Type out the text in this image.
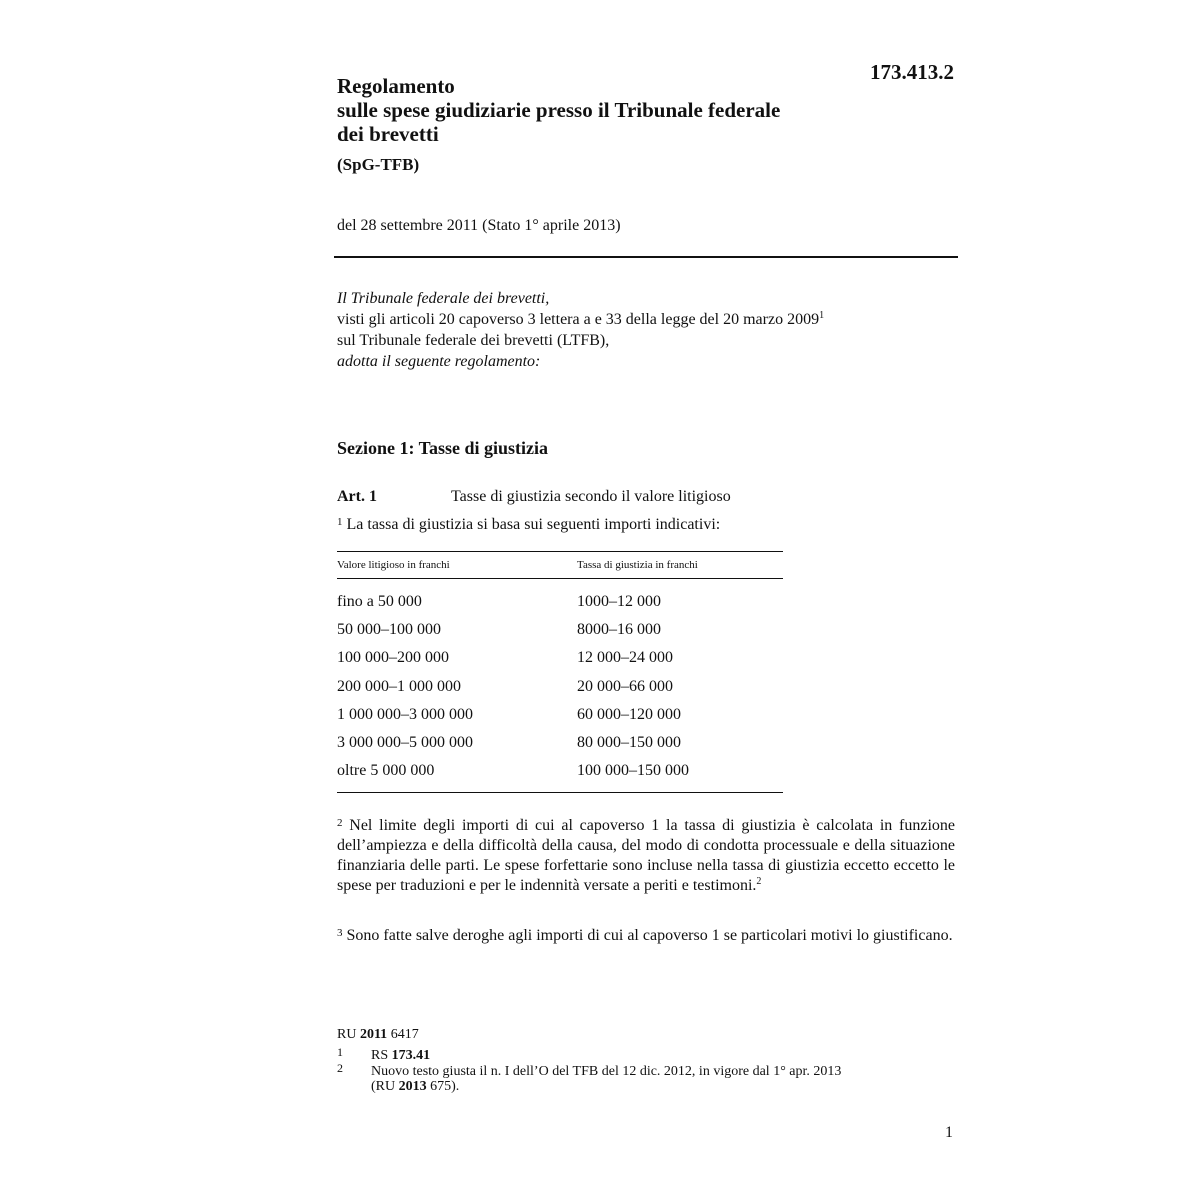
173.413.2
Regolamento
sulle spese giudiziarie presso il Tribunale federale
dei brevetti
(SpG-TFB)
del 28 settembre 2011 (Stato 1° aprile 2013)
Il Tribunale federale dei brevetti,
visti gli articoli 20 capoverso 3 lettera a e 33 della legge del 20 marzo 2009$^1$
sul Tribunale federale dei brevetti (LTFB),
adotta il seguente regolamento:
Sezione 1: Tasse di giustizia
Art. 1	Tasse di giustizia secondo il valore litigioso
$^1$ La tassa di giustizia si basa sui seguenti importi indicativi:
Valore litigioso in franchi	Tassa di giustizia in franchi
fino a 50 000	1000–12 000
50 000–100 000	8000–16 000
100 000–200 000	12 000–24 000
200 000–1 000 000	20 000–66 000
1 000 000–3 000 000	60 000–120 000
3 000 000–5 000 000	80 000–150 000
oltre 5 000 000	100 000–150 000
$^2$ Nel limite degli importi di cui al capoverso 1 la tassa di giustizia è calcolata in funzione dell’ampiezza e della difficoltà della causa, del modo di condotta processuale e della situazione finanziaria delle parti. Le spese forfettarie sono incluse nella tassa di giustizia eccetto eccetto le spese per traduzioni e per le indennità versate a periti e testimoni.$^2$
$^3$ Sono fatte salve deroghe agli importi di cui al capoverso 1 se particolari motivi lo giustificano.
RU 2011 6417
1 RS 173.41
2 Nuovo testo giusta il n. I dell’O del TFB del 12 dic. 2012, in vigore dal 1° apr. 2013
(RU 2013 675).
1
